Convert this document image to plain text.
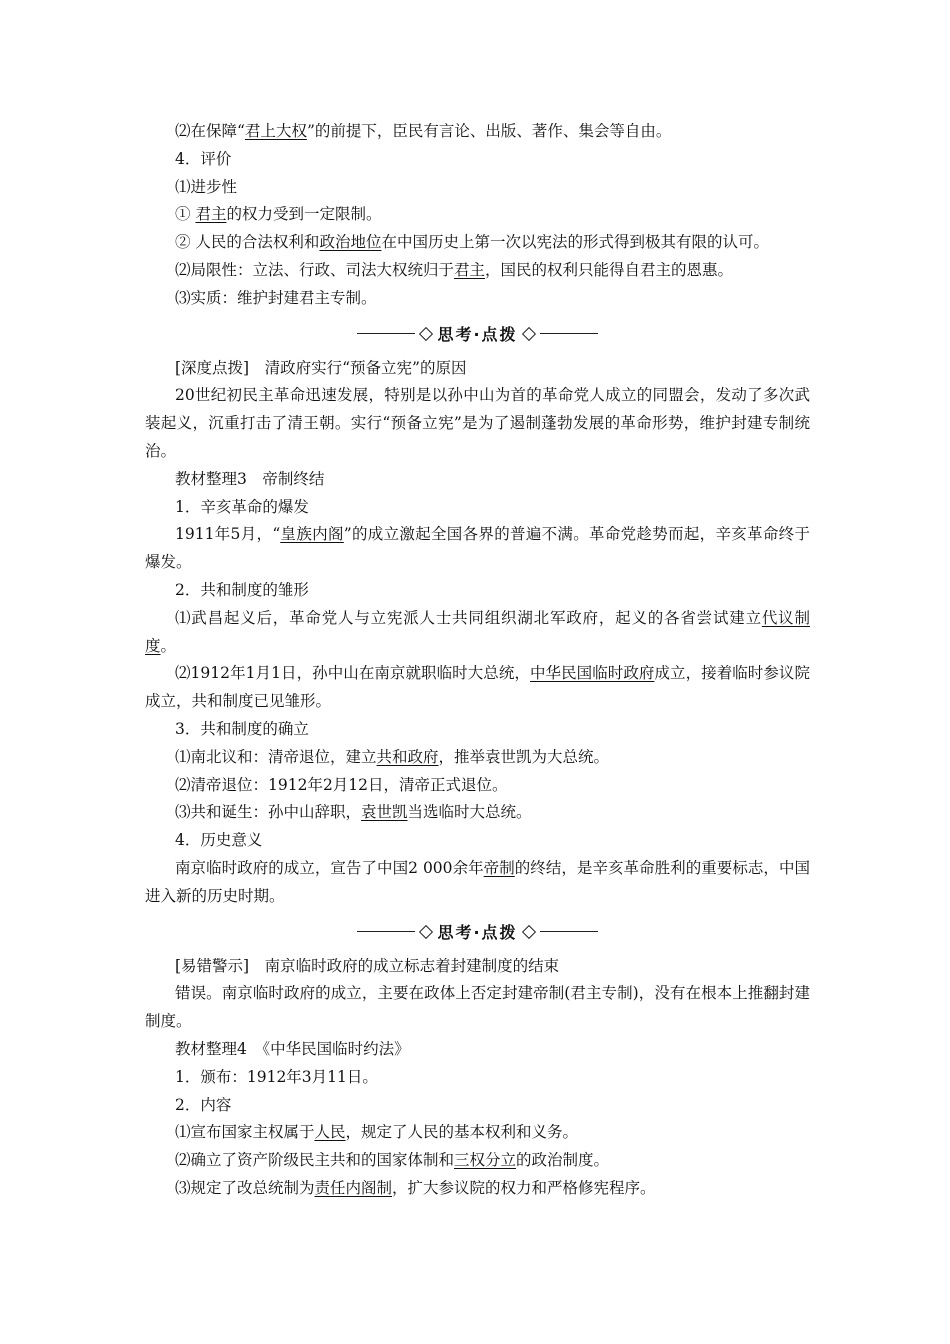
⑵在保障“君上大权”的前提下，臣民有言论、出版、著作、集会等自由。
4．评价
⑴进步性
① 君主的权力受到一定限制。
② 人民的合法权利和政治地位在中国历史上第一次以宪法的形式得到极其有限的认可。
⑵局限性：立法、行政、司法大权统归于君主，国民的权利只能得自君主的恩惠。
⑶实质：维护封建君主专制。
思考·点拨
[深度点拨]　清政府实行“预备立宪”的原因
20世纪初民主革命迅速发展，特别是以孙中山为首的革命党人成立的同盟会，发动了多次武装起义，沉重打击了清王朝。实行“预备立宪”是为了遏制蓬勃发展的革命形势，维护封建专制统治。
教材整理3　帝制终结
1．辛亥革命的爆发
1911年5月，“皇族内阁”的成立激起全国各界的普遍不满。革命党趁势而起，辛亥革命终于爆发。
2．共和制度的雏形
⑴武昌起义后，革命党人与立宪派人士共同组织湖北军政府，起义的各省尝试建立代议制度。
⑵1912年1月1日，孙中山在南京就职临时大总统，中华民国临时政府成立，接着临时参议院成立，共和制度已见雏形。
3．共和制度的确立
⑴南北议和：清帝退位，建立共和政府，推举袁世凯为大总统。
⑵清帝退位：1912年2月12日，清帝正式退位。
⑶共和诞生：孙中山辞职，袁世凯当选临时大总统。
4．历史意义
南京临时政府的成立，宣告了中国2 000余年帝制的终结，是辛亥革命胜利的重要标志，中国进入新的历史时期。
思考·点拨
[易错警示]　南京临时政府的成立标志着封建制度的结束
错误。南京临时政府的成立，主要在政体上否定封建帝制(君主专制)，没有在根本上推翻封建制度。
教材整理4　《中华民国临时约法》
1．颁布：1912年3月11日。
2．内容
⑴宣布国家主权属于人民，规定了人民的基本权利和义务。
⑵确立了资产阶级民主共和的国家体制和三权分立的政治制度。
⑶规定了改总统制为责任内阁制，扩大参议院的权力和严格修宪程序。
